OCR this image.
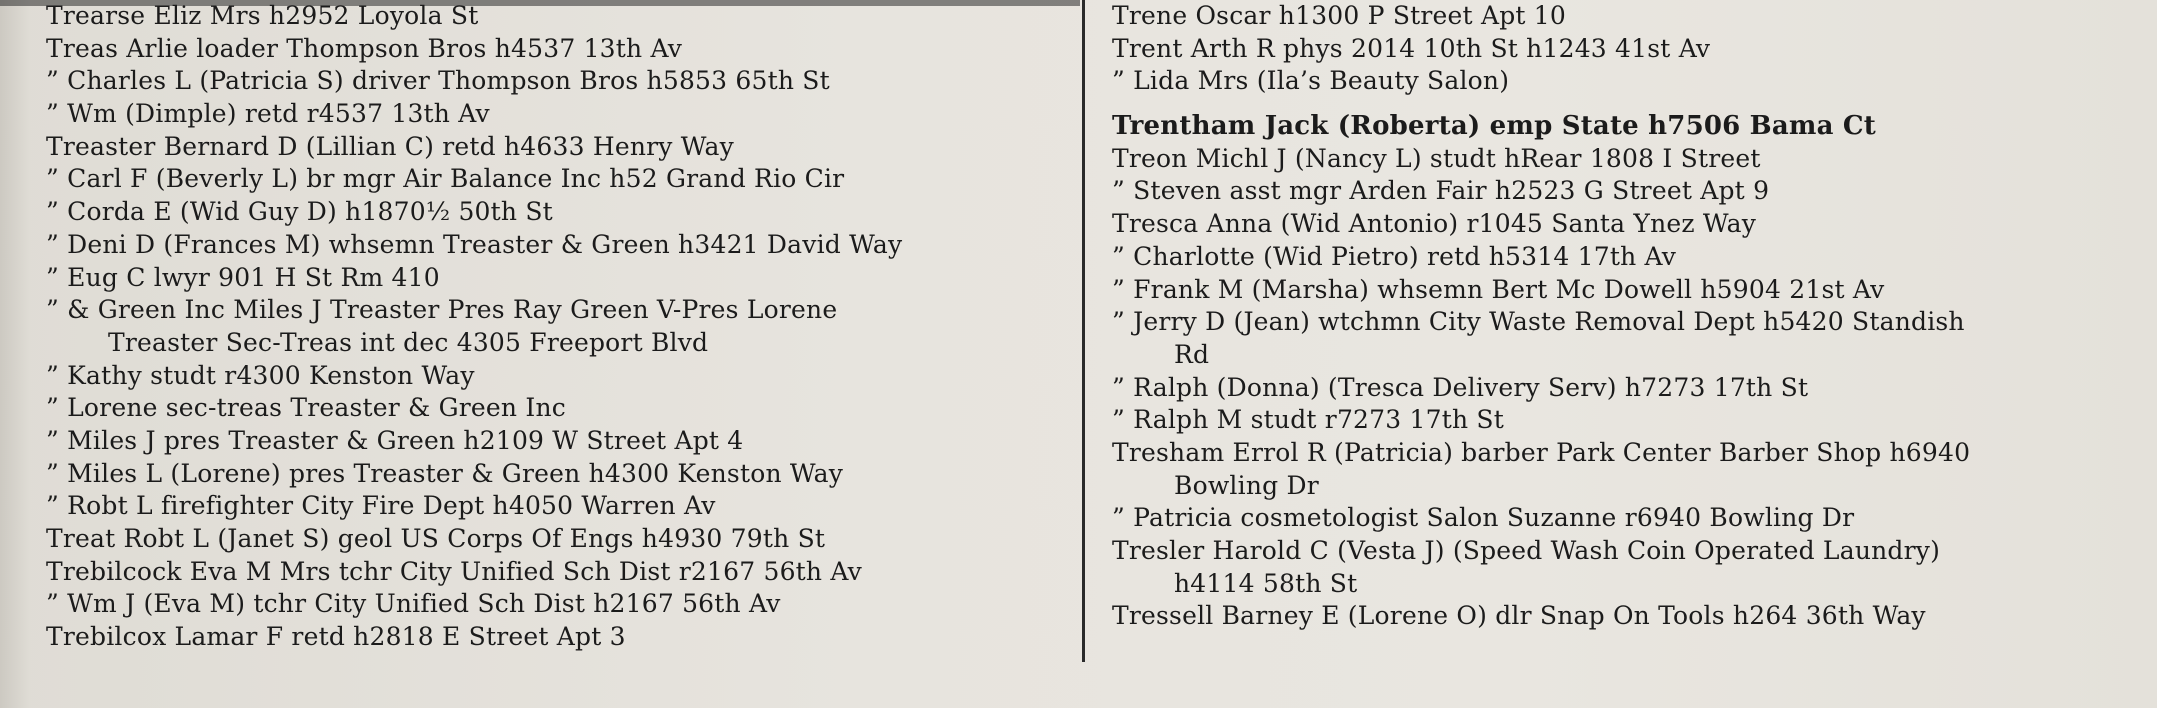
Trearse Eliz Mrs h2952 Loyola St
Treas Arlie loader Thompson Bros h4537 13th Av
” Charles L (Patricia S) driver Thompson Bros h5853 65th St
” Wm (Dimple) retd r4537 13th Av
Treaster Bernard D (Lillian C) retd h4633 Henry Way
” Carl F (Beverly L) br mgr Air Balance Inc h52 Grand Rio Cir
” Corda E (Wid Guy D) h1870½ 50th St
” Deni D (Frances M) whsemn Treaster & Green h3421 David Way
” Eug C lwyr 901 H St Rm 410
” & Green Inc Miles J Treaster Pres Ray Green V-Pres Lorene
Treaster Sec-Treas int dec 4305 Freeport Blvd
” Kathy studt r4300 Kenston Way
” Lorene sec-treas Treaster & Green Inc
” Miles J pres Treaster & Green h2109 W Street Apt 4
” Miles L (Lorene) pres Treaster & Green h4300 Kenston Way
” Robt L firefighter City Fire Dept h4050 Warren Av
Treat Robt L (Janet S) geol US Corps Of Engs h4930 79th St
Trebilcock Eva M Mrs tchr City Unified Sch Dist r2167 56th Av
” Wm J (Eva M) tchr City Unified Sch Dist h2167 56th Av
Trebilcox Lamar F retd h2818 E Street Apt 3
Trene Oscar h1300 P Street Apt 10
Trent Arth R phys 2014 10th St h1243 41st Av
” Lida Mrs (Ila’s Beauty Salon)
Trentham Jack (Roberta) emp State h7506 Bama Ct
Treon Michl J (Nancy L) studt hRear 1808 I Street
” Steven asst mgr Arden Fair h2523 G Street Apt 9
Tresca Anna (Wid Antonio) r1045 Santa Ynez Way
” Charlotte (Wid Pietro) retd h5314 17th Av
” Frank M (Marsha) whsemn Bert Mc Dowell h5904 21st Av
” Jerry D (Jean) wtchmn City Waste Removal Dept h5420 Standish
Rd
” Ralph (Donna) (Tresca Delivery Serv) h7273 17th St
” Ralph M studt r7273 17th St
Tresham Errol R (Patricia) barber Park Center Barber Shop h6940
Bowling Dr
” Patricia cosmetologist Salon Suzanne r6940 Bowling Dr
Tresler Harold C (Vesta J) (Speed Wash Coin Operated Laundry)
h4114 58th St
Tressell Barney E (Lorene O) dlr Snap On Tools h264 36th Way
